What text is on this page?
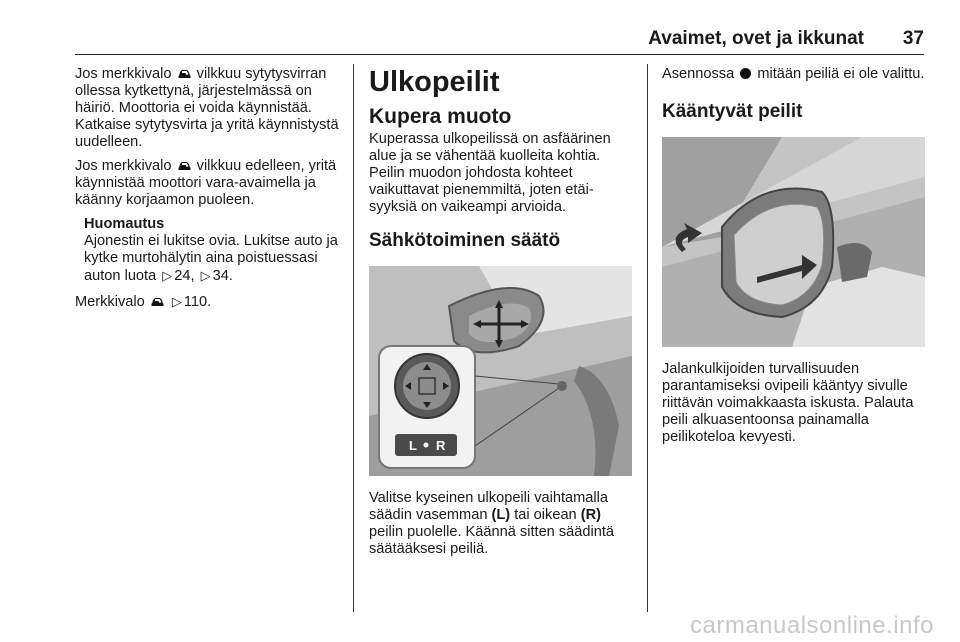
Avaimet, ovet ja ikkunat 37

Jos merkkivalo vilkkuu sytytysvirran ollessa kytkettynä, järjestelmässä on häiriö. Moottoria ei voida käynnistää. Katkaise sytytysvirta ja yritä käynnistystä uudelleen.

Jos merkkivalo vilkkuu edelleen, yritä käynnistää moottori vara-avaimella ja käänny korjaamon puoleen.

Huomautus
Ajonestin ei lukitse ovia. Lukitse auto ja kytke murtohälytin aina poistuessasi auton luota ▷ 24, ▷ 34.

Merkkivalo ▷ 110.

Ulkopeilit
Kupera muoto

Kuperassa ulkopeilissä on asfäärinen alue ja se vähentää kuolleita kohtia. Peilin muodon johdosta kohteet vaikuttavat pienemmiltä, joten etäisyyksiä on vaikeampi arvioida.

Sähkötoiminen säätö
L R

Valitse kyseinen ulkopeili vaihtamalla säädin vasemman (L) tai oikean (R) peilin puolelle. Käännä sitten säädintä säätääksesi peiliä.

Asennossa mitään peiliä ei ole valittu.

Kääntyvät peilit

Jalankulkijoiden turvallisuuden parantamiseksi ovipeili kääntyy sivulle riittävän voimakkaasta iskusta. Palauta peili alkuasentoonsa painamalla peilikoteloa kevyesti.

carmanualsonline.info
